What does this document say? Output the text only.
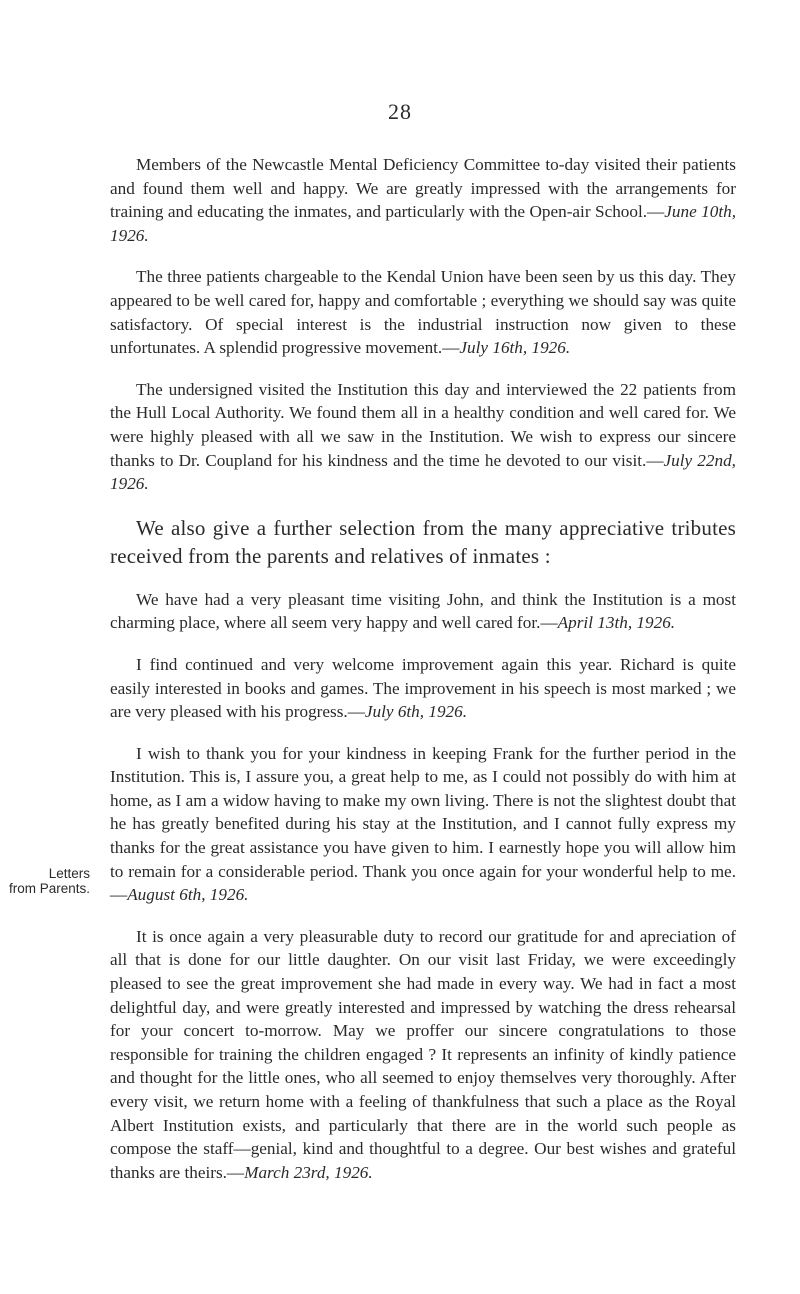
28
Letters
from Parents.

Members of the Newcastle Mental Deficiency Committee to-day visited their patients and found them well and happy. We are greatly impressed with the arrangements for training and educating the inmates, and particularly with the Open-air School.—June 10th, 1926.

The three patients chargeable to the Kendal Union have been seen by us this day. They appeared to be well cared for, happy and comfortable ; everything we should say was quite satisfactory. Of special interest is the industrial instruction now given to these unfortunates. A splendid progressive movement.—July 16th, 1926.

The undersigned visited the Institution this day and interviewed the 22 patients from the Hull Local Authority. We found them all in a healthy condition and well cared for. We were highly pleased with all we saw in the Institution. We wish to express our sincere thanks to Dr. Coupland for his kindness and the time he devoted to our visit.—July 22nd, 1926.

We also give a further selection from the many appreciative tributes received from the parents and relatives of inmates :

We have had a very pleasant time visiting John, and think the Institution is a most charming place, where all seem very happy and well cared for.—April 13th, 1926.

I find continued and very welcome improvement again this year. Richard is quite easily interested in books and games. The improvement in his speech is most marked ; we are very pleased with his progress.—July 6th, 1926.

I wish to thank you for your kindness in keeping Frank for the further period in the Institution. This is, I assure you, a great help to me, as I could not possibly do with him at home, as I am a widow having to make my own living. There is not the slightest doubt that he has greatly benefited during his stay at the Institution, and I cannot fully express my thanks for the great assistance you have given to him. I earnestly hope you will allow him to remain for a considerable period. Thank you once again for your wonderful help to me.—August 6th, 1926.

It is once again a very pleasurable duty to record our gratitude for and apreciation of all that is done for our little daughter. On our visit last Friday, we were exceedingly pleased to see the great improvement she had made in every way. We had in fact a most delightful day, and were greatly interested and impressed by watching the dress rehearsal for your concert to-morrow. May we proffer our sincere congratulations to those responsible for training the children engaged ? It represents an infinity of kindly patience and thought for the little ones, who all seemed to enjoy themselves very thoroughly. After every visit, we return home with a feeling of thankfulness that such a place as the Royal Albert Institution exists, and particularly that there are in the world such people as compose the staff—genial, kind and thoughtful to a degree. Our best wishes and grateful thanks are theirs.—March 23rd, 1926.
